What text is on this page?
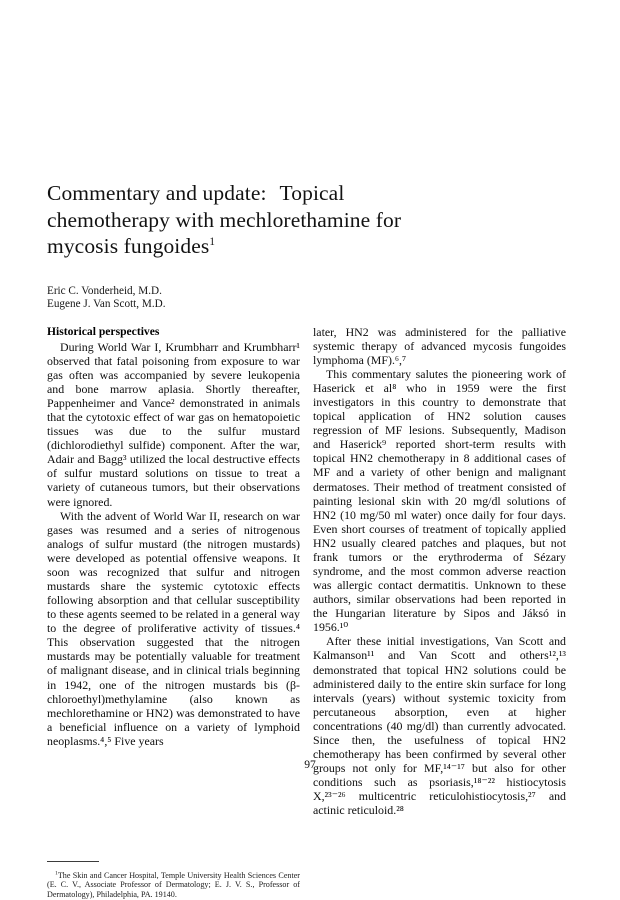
Commentary and update: Topical
chemotherapy with mechlorethamine for
mycosis fungoides$^1$
Eric C. Vonderheid, M.D.
Eugene J. Van Scott, M.D.
Historical perspectives

During World War I, Krumbharr and Krumbharr¹ observed that fatal poisoning from exposure to war gas often was accompanied by severe leukopenia and bone marrow aplasia. Shortly thereafter, Pappenheimer and Vance² demonstrated in animals that the cytotoxic effect of war gas on hematopoietic tissues was due to the sulfur mustard (dichlorodiethyl sulfide) component. After the war, Adair and Bagg³ utilized the local destructive effects of sulfur mustard solutions on tissue to treat a variety of cutaneous tumors, but their observations were ignored.

With the advent of World War II, research on war gases was resumed and a series of nitrogenous analogs of sulfur mustard (the nitrogen mustards) were developed as potential offensive weapons. It soon was recognized that sulfur and nitrogen mustards share the systemic cytotoxic effects following absorption and that cellular susceptibility to these agents seemed to be related in a general way to the degree of proliferative activity of tissues.⁴ This observation suggested that the nitrogen mustards may be potentially valuable for treatment of malignant disease, and in clinical trials beginning in 1942, one of the nitrogen mustards bis (β-chloroethyl)methylamine (also known as mechlorethamine or HN2) was demonstrated to have a beneficial influence on a variety of lymphoid neoplasms.⁴,⁵ Five years

$^1$The Skin and Cancer Hospital, Temple University Health Sciences Center (E. C. V., Associate Professor of Dermatology; E. J. V. S., Professor of Dermatology), Philadelphia, PA. 19140.

later, HN2 was administered for the palliative systemic therapy of advanced mycosis fungoides lymphoma (MF).⁶,⁷

This commentary salutes the pioneering work of Haserick et al⁸ who in 1959 were the first investigators in this country to demonstrate that topical application of HN2 solution causes regression of MF lesions. Subsequently, Madison and Haserick⁹ reported short-term results with topical HN2 chemotherapy in 8 additional cases of MF and a variety of other benign and malignant dermatoses. Their method of treatment consisted of painting lesional skin with 20 mg/dl solutions of HN2 (10 mg/50 ml water) once daily for four days. Even short courses of treatment of topically applied HN2 usually cleared patches and plaques, but not frank tumors or the erythroderma of Sézary syndrome, and the most common adverse reaction was allergic contact dermatitis. Unknown to these authors, similar observations had been reported in the Hungarian literature by Sipos and Jáksó in 1956.¹⁰

After these initial investigations, Van Scott and Kalmanson¹¹ and Van Scott and others¹²,¹³ demonstrated that topical HN2 solutions could be administered daily to the entire skin surface for long intervals (years) without systemic toxicity from percutaneous absorption, even at higher concentrations (40 mg/dl) than currently advocated. Since then, the usefulness of topical HN2 chemotherapy has been confirmed by several other groups not only for MF,¹⁴⁻¹⁷ but also for other conditions such as psoriasis,¹⁸⁻²² histiocytosis X,²³⁻²⁶ multicentric reticulohistiocytosis,²⁷ and actinic reticuloid.²⁸

97
